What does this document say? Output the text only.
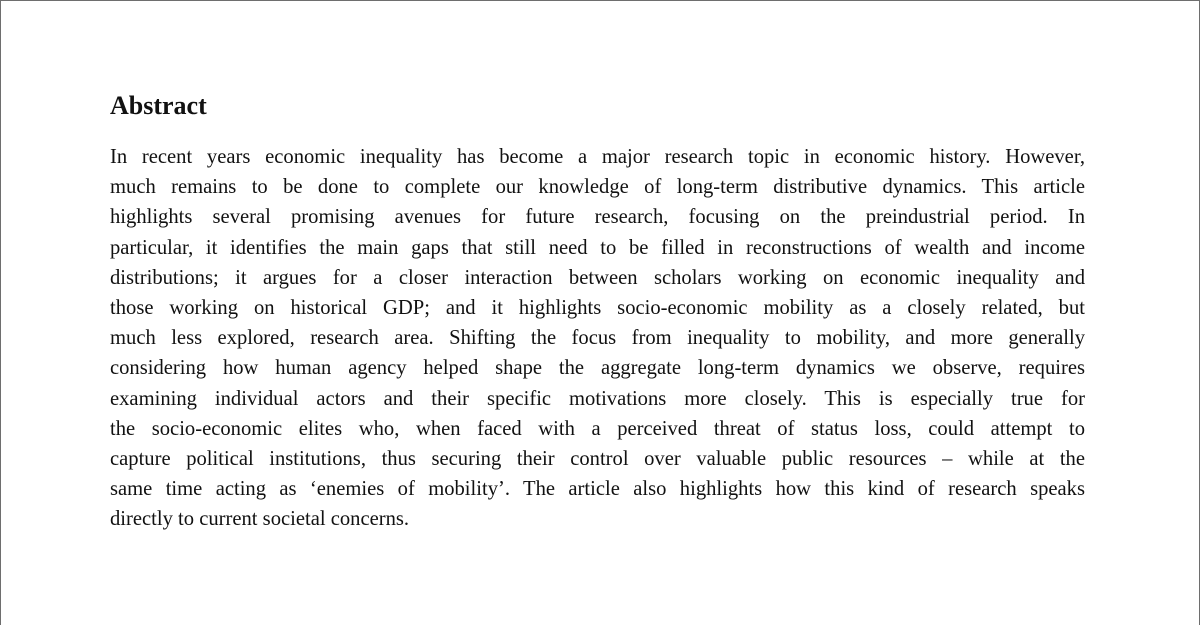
Abstract
In recent years economic inequality has become a major research topic in economic history. However,
much remains to be done to complete our knowledge of long-term distributive dynamics. This article
highlights several promising avenues for future research, focusing on the preindustrial period. In
particular, it identifies the main gaps that still need to be filled in reconstructions of wealth and income
distributions; it argues for a closer interaction between scholars working on economic inequality and
those working on historical GDP; and it highlights socio-economic mobility as a closely related, but
much less explored, research area. Shifting the focus from inequality to mobility, and more generally
considering how human agency helped shape the aggregate long-term dynamics we observe, requires
examining individual actors and their specific motivations more closely. This is especially true for
the socio-economic elites who, when faced with a perceived threat of status loss, could attempt to
capture political institutions, thus securing their control over valuable public resources – while at the
same time acting as ‘enemies of mobility’. The article also highlights how this kind of research speaks
directly to current societal concerns.
